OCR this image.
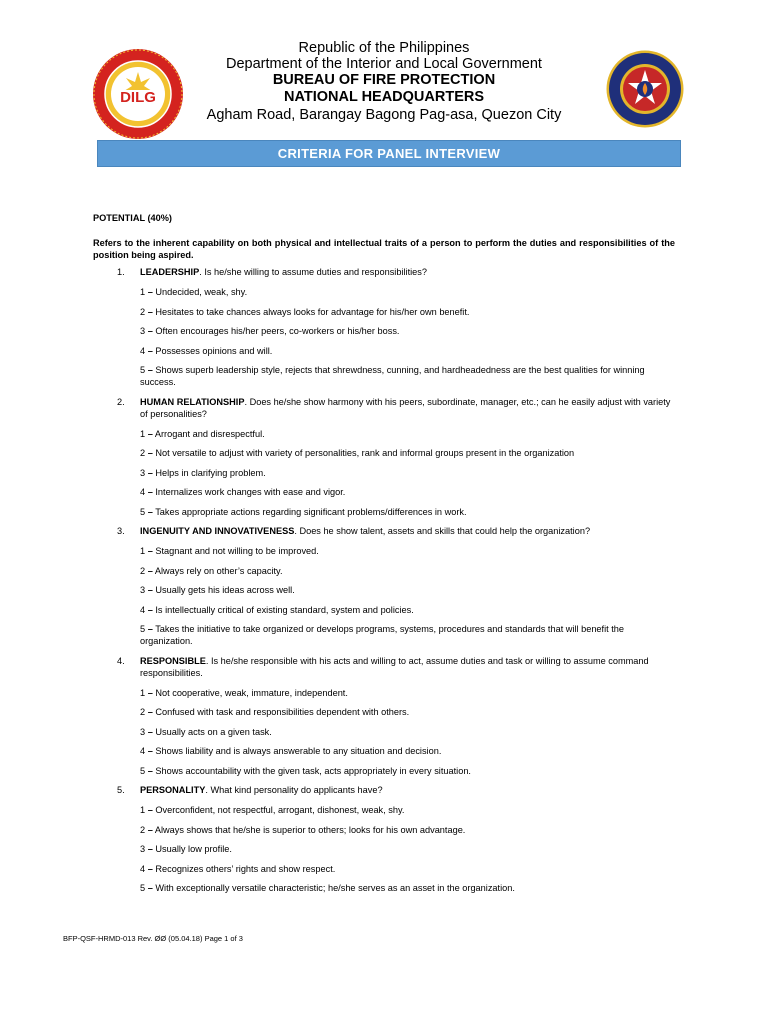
DILG
Republic of the Philippines
Department of the Interior and Local Government
BUREAU OF FIRE PROTECTION
NATIONAL HEADQUARTERS
Agham Road, Barangay Bagong Pag-asa, Quezon City
CRITERIA FOR PANEL INTERVIEW
POTENTIAL (40%)
Refers to the inherent capability on both physical and intellectual traits of a person to perform the duties and responsibilities of the position being aspired.
1.	LEADERSHIP. Is he/she willing to assume duties and responsibilities?
1 – Undecided, weak, shy.
2 – Hesitates to take chances always looks for advantage for his/her own benefit.
3 – Often encourages his/her peers, co-workers or his/her boss.
4 – Possesses opinions and will.
5 – Shows superb leadership style, rejects that shrewdness, cunning, and hardheadedness are the best qualities for winning success.
2.	HUMAN RELATIONSHIP. Does he/she show harmony with his peers, subordinate, manager, etc.; can he easily adjust with variety of personalities?
1 – Arrogant and disrespectful.
2 – Not versatile to adjust with variety of personalities, rank and informal groups present in the organization
3 – Helps in clarifying problem.
4 – Internalizes work changes with ease and vigor.
5 – Takes appropriate actions regarding significant problems/differences in work.
3.	INGENUITY AND INNOVATIVENESS. Does he show talent, assets and skills that could help the organization?
1 – Stagnant and not willing to be improved.
2 – Always rely on other’s capacity.
3 – Usually gets his ideas across well.
4 – Is intellectually critical of existing standard, system and policies.
5 – Takes the initiative to take organized or develops programs, systems, procedures and standards that will benefit the organization.
4.	RESPONSIBLE. Is he/she responsible with his acts and willing to act, assume duties and task or willing to assume command responsibilities.
1 – Not cooperative, weak, immature, independent.
2 – Confused with task and responsibilities dependent with others.
3 – Usually acts on a given task.
4 – Shows liability and is always answerable to any situation and decision.
5 – Shows accountability with the given task, acts appropriately in every situation.
5.	PERSONALITY. What kind personality do applicants have?
1 – Overconfident, not respectful, arrogant, dishonest, weak, shy.
2 – Always shows that he/she is superior to others; looks for his own advantage.
3 – Usually low profile.
4 – Recognizes others’ rights and show respect.
5 – With exceptionally versatile characteristic; he/she serves as an asset in the organization.
BFP-QSF-HRMD-013 Rev. ØØ (05.04.18) Page 1 of 3
